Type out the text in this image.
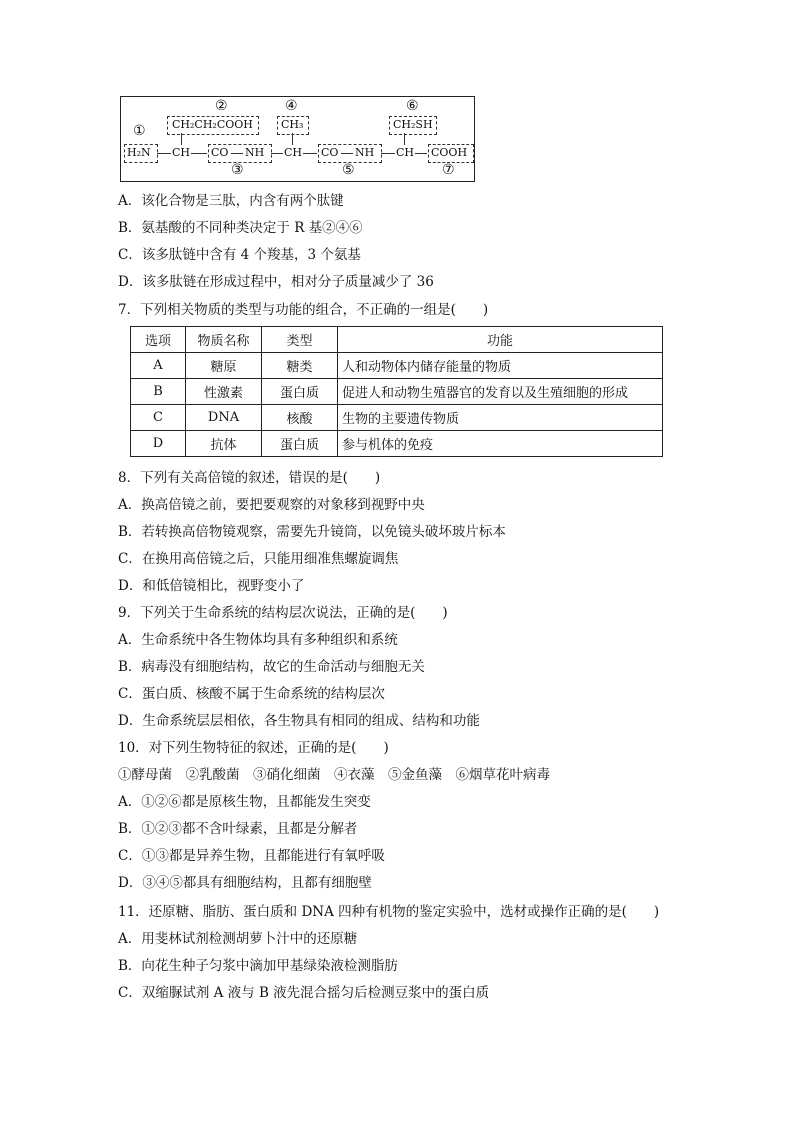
①
②	④	⑥
③	⑤	⑦
CH₂CH₂COOH	CH₃	CH₂SH
H₂N CH CO NH CH CO NH CH COOH
A．该化合物是三肽，内含有两个肽键
B．氨基酸的不同种类决定于 R 基②④⑥
C．该多肽链中含有 4 个羧基，3 个氨基
D．该多肽链在形成过程中，相对分子质量减少了 36
7．下列相关物质的类型与功能的组合，不正确的一组是(　　)
选项	物质名称	类型	功能
A	糖原	糖类	人和动物体内储存能量的物质
B	性激素	蛋白质	促进人和动物生殖器官的发育以及生殖细胞的形成
C	DNA	核酸	生物的主要遗传物质
D	抗体	蛋白质	参与机体的免疫
8．下列有关高倍镜的叙述，错误的是(　　)
A．换高倍镜之前，要把要观察的对象移到视野中央
B．若转换高倍物镜观察，需要先升镜筒，以免镜头破坏玻片标本
C．在换用高倍镜之后，只能用细准焦螺旋调焦
D．和低倍镜相比，视野变小了
9．下列关于生命系统的结构层次说法，正确的是(　　)
A．生命系统中各生物体均具有多种组织和系统
B．病毒没有细胞结构，故它的生命活动与细胞无关
C．蛋白质、核酸不属于生命系统的结构层次
D．生命系统层层相依，各生物具有相同的组成、结构和功能
10．对下列生物特征的叙述，正确的是(　　)
①酵母菌　②乳酸菌　③硝化细菌　④衣藻　⑤金鱼藻　⑥烟草花叶病毒
A．①②⑥都是原核生物，且都能发生突变
B．①②③都不含叶绿素，且都是分解者
C．①③都是异养生物，且都能进行有氧呼吸
D．③④⑤都具有细胞结构，且都有细胞壁
11．还原糖、脂肪、蛋白质和 DNA 四种有机物的鉴定实验中，选材或操作正确的是(　　)
A．用斐林试剂检测胡萝卜汁中的还原糖
B．向花生种子匀浆中滴加甲基绿染液检测脂肪
C．双缩脲试剂 A 液与 B 液先混合摇匀后检测豆浆中的蛋白质
